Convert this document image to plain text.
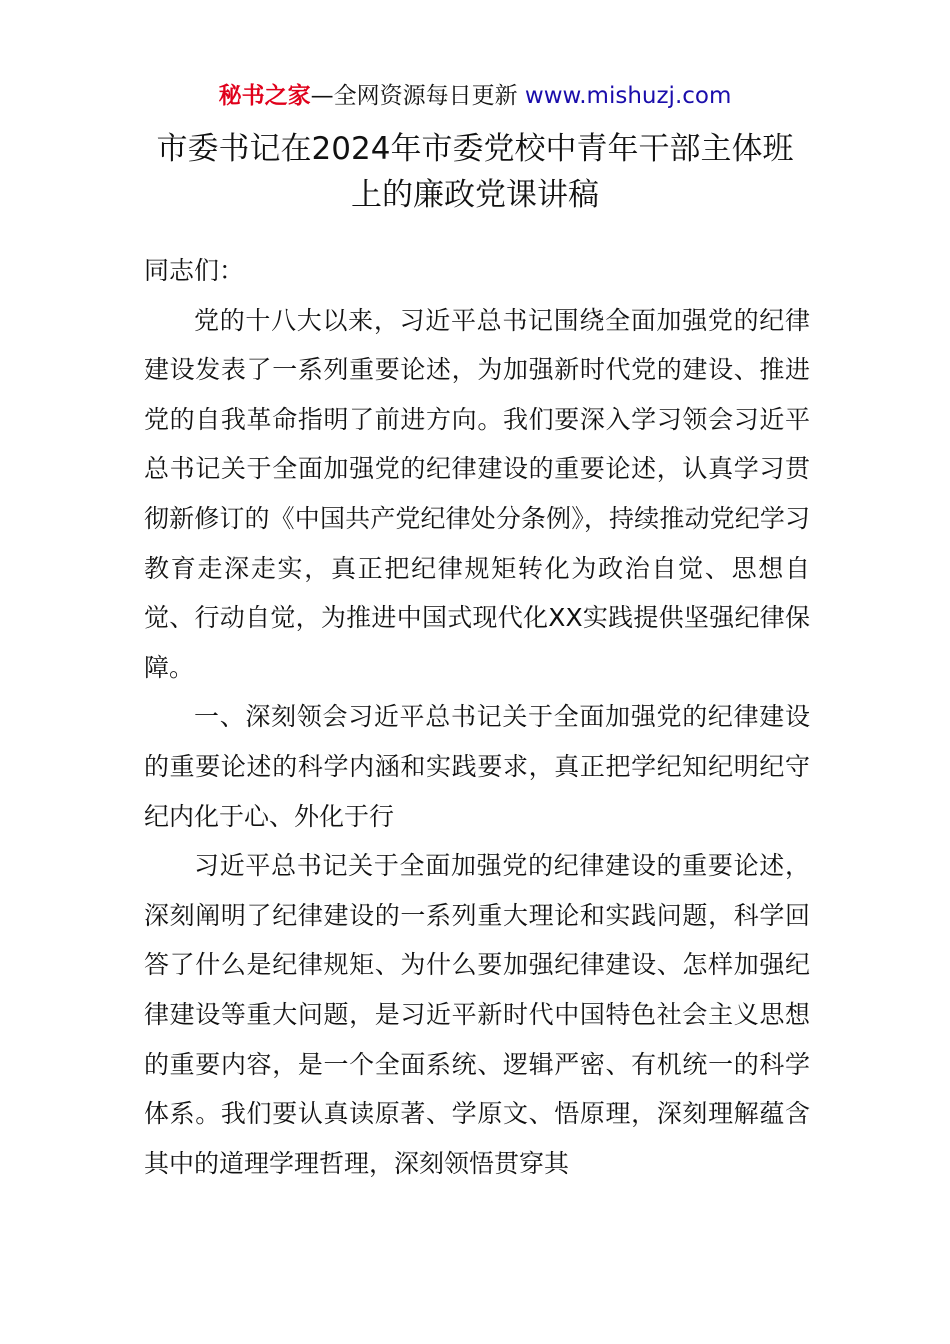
秘书之家—全网资源每日更新 www.mishuzj.com
市委书记在2024年市委党校中青年干部主体班
上的廉政党课讲稿

同志们：

党的十八大以来，习近平总书记围绕全面加强党的纪律建设发表了一系列重要论述，为加强新时代党的建设、推进党的自我革命指明了前进方向。我们要深入学习领会习近平总书记关于全面加强党的纪律建设的重要论述，认真学习贯彻新修订的《中国共产党纪律处分条例》，持续推动党纪学习教育走深走实，真正把纪律规矩转化为政治自觉、思想自觉、行动自觉，为推进中国式现代化XX实践提供坚强纪律保障。

一、深刻领会习近平总书记关于全面加强党的纪律建设的重要论述的科学内涵和实践要求，真正把学纪知纪明纪守纪内化于心、外化于行

习近平总书记关于全面加强党的纪律建设的重要论述，深刻阐明了纪律建设的一系列重大理论和实践问题，科学回答了什么是纪律规矩、为什么要加强纪律建设、怎样加强纪律建设等重大问题，是习近平新时代中国特色社会主义思想的重要内容，是一个全面系统、逻辑严密、有机统一的科学体系。我们要认真读原著、学原文、悟原理，深刻理解蕴含其中的道理学理哲理，深刻领悟贯穿其
